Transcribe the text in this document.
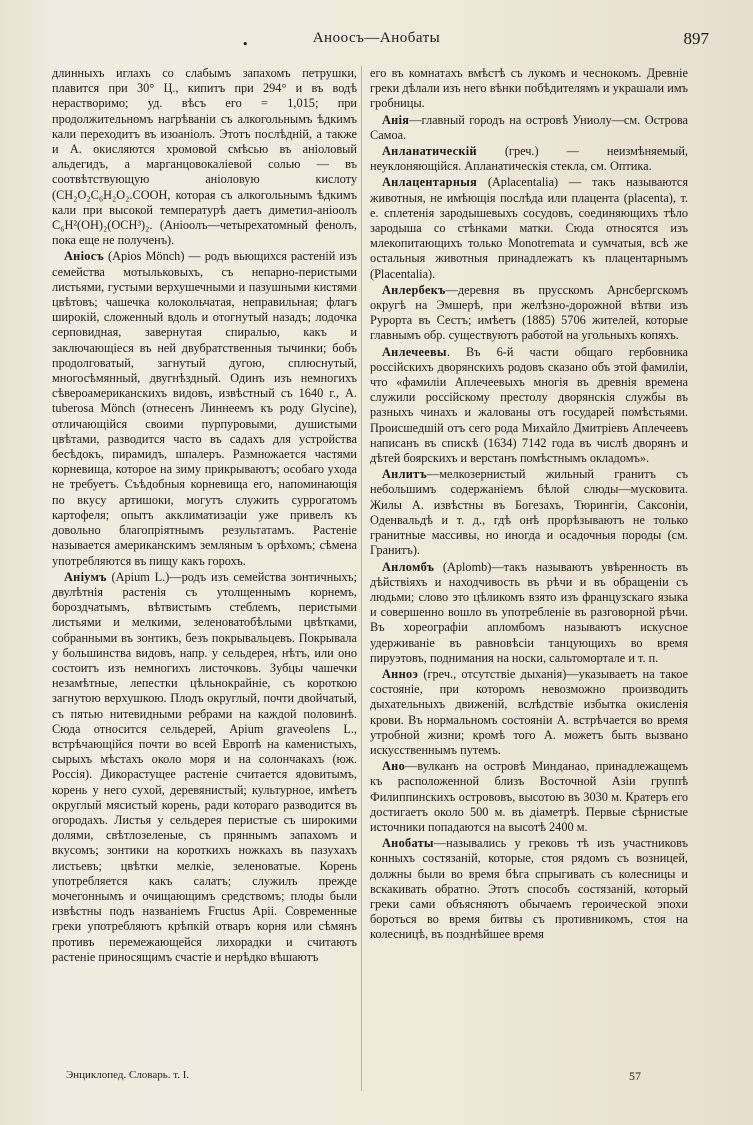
•	Аноосъ—Анобаты	897

длинныхъ иглахъ со слабымъ запахомъ петрушки, плавится при 30° Ц., кипитъ при 294° и въ водѣ нерастворимо; уд. вѣсъ его = 1,015; при продолжительномъ нагрѣваніи съ алкогольнымъ ѣдкимъ кали переходитъ въ изоаніолъ. Этотъ послѣдній, а также и А. окисляются хромовой смѣсью въ аніоловый альдегидъ, а марганцовокаліевой солью — въ соотвѣтствующую аніоловую кислоту (CH₂O₂C₆H₂O₂.COOH, которая съ алкогольнымъ ѣдкимъ кали при высокой температурѣ даетъ диметил-аніоолъ C₆H²(OH)₂(OCH³)₂. (Аніоолъ—четырехатомный фенолъ, пока еще не полученъ).

Аніосъ (Apios Mönch) — родъ вьющихся растеній изъ семейства мотыльковыхъ, съ непарно-перистыми листьями, густыми верхушечными и пазушными кистями цвѣтовъ; чашечка колокольчатая, неправильная; флагъ широкій, сложенный вдоль и отогнутый назадъ; лодочка серповидная, завернутая спиралью, какъ и заключающіеся въ ней двубратственныя тычинки; бобъ продолговатый, загнутый дугою, сплюснутый, многосѣмянный, двугнѣздный. Одинъ изъ немногихъ сѣвероамериканскихъ видовъ, извѣстный съ 1640 г., A. tuberosa Mönch (отнесенъ Линнеемъ къ роду Glycine), отличающійся своими пурпуровыми, душистыми цвѣтами, разводится часто въ садахъ для устройства бесѣдокъ, пирамидъ, шпалеръ. Размножается частями корневища, которое на зиму прикрываютъ; особаго ухода не требуетъ. Съѣдобныя корневища его, напоминающія по вкусу артишоки, могутъ служить суррогатомъ картофеля; опытъ акклиматизаціи уже привелъ къ довольно благопріятнымъ результатамъ. Растеніе называется американскимъ земляным ъ орѣхомъ; сѣмена употребляются въ пищу какъ горохъ.

Аніумъ (Apium L.)—родъ изъ семейства зонтичныхъ; двулѣтнія растенія съ утолщеннымъ корнемъ, бороздчатымъ, вѣтвистымъ стеблемъ, перистыми листьями и мелкими, зеленоватобѣлыми цвѣтками, собранными въ зонтикъ, безъ покрывальцевъ. Покрывала у большинства видовъ, напр. у сельдерея, нѣтъ, или оно состоитъ изъ немногихъ листочковъ. Зубцы чашечки незамѣтные, лепестки цѣльнокрайніе, съ короткою загнутою верхушкою. Плодъ округлый, почти двойчатый, съ пятью нитевидными ребрами на каждой половинѣ. Сюда относится сельдерей, Apium graveolens L., встрѣчающійся почти во всей Европѣ на каменистыхъ, сырыхъ мѣстахъ около моря и на солончакахъ (юж. Россія). Дикорастущее растеніе считается ядовитымъ, корень у него сухой, деревянистый; культурное, имѣетъ округлый мясистый корень, ради котораго разводится въ огородахъ. Листья у сельдерея перистые съ широкими долями, свѣтлозеленые, съ пряннымъ запахомъ и вкусомъ; зонтики на короткихъ ножкахъ въ пазухахъ листьевъ; цвѣтки мелкіе, зеленоватые. Корень употребляется какъ салатъ; служилъ прежде мочегоннымъ и очищающимъ средствомъ; плоды были извѣстны подъ названіемъ Fructus Apii. Современные греки употребляютъ крѣпкій отваръ корня или сѣмянъ противъ перемежающейся лихорадки и считаютъ растеніе приносящимъ счастіе и нерѣдко вѣшаютъ

его въ комнатахъ вмѣстѣ съ лукомъ и чеснокомъ. Древніе греки дѣлали изъ него вѣнки побѣдителямъ и украшали имъ гробницы.

Анія—главный городъ на островѣ Униолу—см. Острова Самоа.

Анланатическій (греч.) — неизмѣняемый, неуклоняющійся. Апланатическія стекла, см. Оптика.

Анлацентарныя (Aplacentalia) — такъ называются животныя, не имѣющія послѣда или плацента (placenta), т. е. сплетенія зародышевыхъ сосудовъ, соединяющихъ тѣло зародыша со стѣнками матки. Сюда относятся изъ млекопитающихъ только Monotremata и сумчатыя, всѣ же остальныя животныя принадлежатъ къ плацентарнымъ (Placentalia).

Анлербекъ—деревня въ прусскомъ Арнсбергскомъ округѣ на Эмшерѣ, при желѣзно-дорожной вѣтви изъ Рурорта въ Сестъ; имѣетъ (1885) 5706 жителей, которые главнымъ обр. существуютъ работой на угольныхъ копяхъ.

Анлечеевы. Въ 6-й части общаго гербовника россійскихъ дворянскихъ родовъ сказано объ этой фамиліи, что «фамиліи Аплечеевыхъ многія въ древнія времена служили россійскому престолу дворянскія службы въ разныхъ чинахъ и жалованы отъ государей помѣстьями. Происшедшій отъ сего рода Михайло Дмитріевъ Аплечеевъ написанъ въ спискѣ (1634) 7142 года въ числѣ дворянъ и дѣтей боярскихъ и верстанъ помѣстнымъ окладомъ».

Анлитъ—мелкозернистый жильный гранитъ съ небольшимъ содержаніемъ бѣлой слюды—мусковита. Жилы А. извѣстны въ Богезахъ, Тюрингіи, Саксоніи, Оденвальдѣ и т. д., гдѣ онѣ прорѣзываютъ не только гранитные массивы, но иногда и осадочныя породы (см. Гранитъ).

Анломбъ (Aplomb)—такъ называютъ увѣренность въ дѣйствіяхъ и находчивость въ рѣчи и въ обращеніи съ людьми; слово это цѣликомъ взято изъ французскаго языка и совершенно вошло въ употребленіе въ разговорной рѣчи. Въ хореографіи апломбомъ называютъ искусное удерживаніе въ равновѣсіи танцующихъ во время пируэтовъ, поднимания на носки, сальтомортале и т. п.

Анноэ (греч., отсутствіе дыханія)—указываетъ на такое состояніе, при которомъ невозможно производить дыхательныхъ движеній, вслѣдствіе избытка окисленія крови. Въ нормальномъ состояніи А. встрѣчается во время утробной жизни; кромѣ того А. можетъ быть вызвано искусственнымъ путемъ.

Ано—вулканъ на островѣ Минданао, принадлежащемъ къ расположенной близъ Восточной Азіи группѣ Филиппинскихъ острововъ, высотою въ 3030 м. Кратеръ его достигаетъ около 500 м. въ діаметрѣ. Первые сѣрнистые источники попадаются на высотѣ 2400 м.

Анобаты—назывались у грековъ тѣ изъ участниковъ конныхъ состязаній, которые, стоя рядомъ съ возницей, должны были во время бѣга спрыгивать съ колесницы и вскакивать обратно. Этотъ способъ состязаній, который греки сами объясняютъ обычаемъ героической эпохи бороться во время битвы съ противникомъ, стоя на колесницѣ, въ позднѣйшее время

Энциклопед. Словарь. т. I.	57
